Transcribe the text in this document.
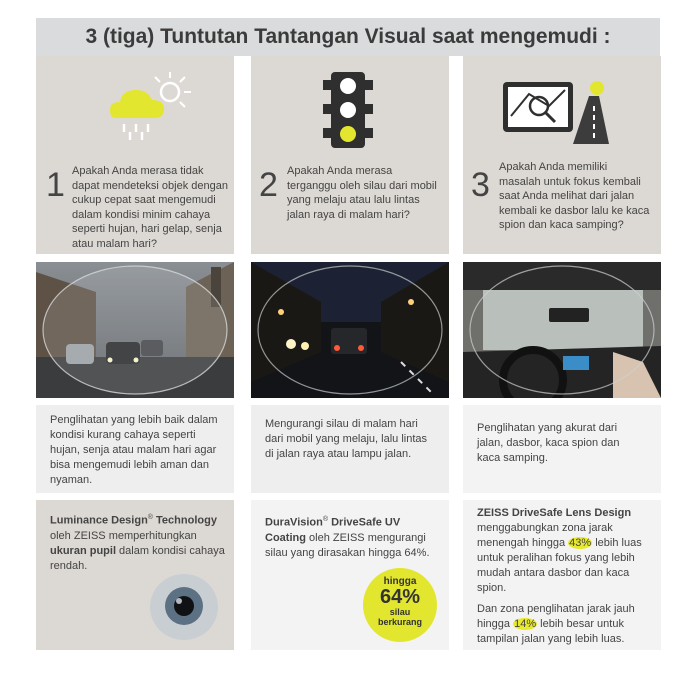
3 (tiga) Tuntutan Tantangan Visual saat mengemudi :
1 Apakah Anda merasa tidak dapat mendeteksi objek dengan cukup cepat saat mengemudi dalam kondisi minim cahaya seperti hujan, hari gelap, senja atau malam hari?
Penglihatan yang lebih baik dalam kondisi kurang cahaya seperti hujan, senja atau malam hari agar bisa mengemudi lebih aman dan nyaman.
Luminance Design® Technology oleh ZEISS memperhitungkan ukuran pupil dalam kondisi cahaya rendah.
2 Apakah Anda merasa terganggu oleh silau dari mobil yang melaju atau lalu lintas jalan raya di malam hari?
Mengurangi silau di malam hari dari mobil yang melaju, lalu lintas di jalan raya atau lampu jalan.
DuraVision® DriveSafe UV Coating oleh ZEISS mengurangi silau yang dirasakan hingga 64%.
hingga
64%
silau
berkurang
3 Apakah Anda memiliki masalah untuk fokus kembali saat Anda melihat dari jalan kembali ke dasbor lalu ke kaca spion dan kaca samping?
Penglihatan yang akurat dari jalan, dasbor, kaca spion dan kaca samping.
ZEISS DriveSafe Lens Design
menggabungkan zona jarak menengah hingga 43% lebih luas untuk peralihan fokus yang lebih mudah antara dasbor dan kaca spion.
Dan zona penglihatan jarak jauh hingga 14% lebih besar untuk tampilan jalan yang lebih luas.
